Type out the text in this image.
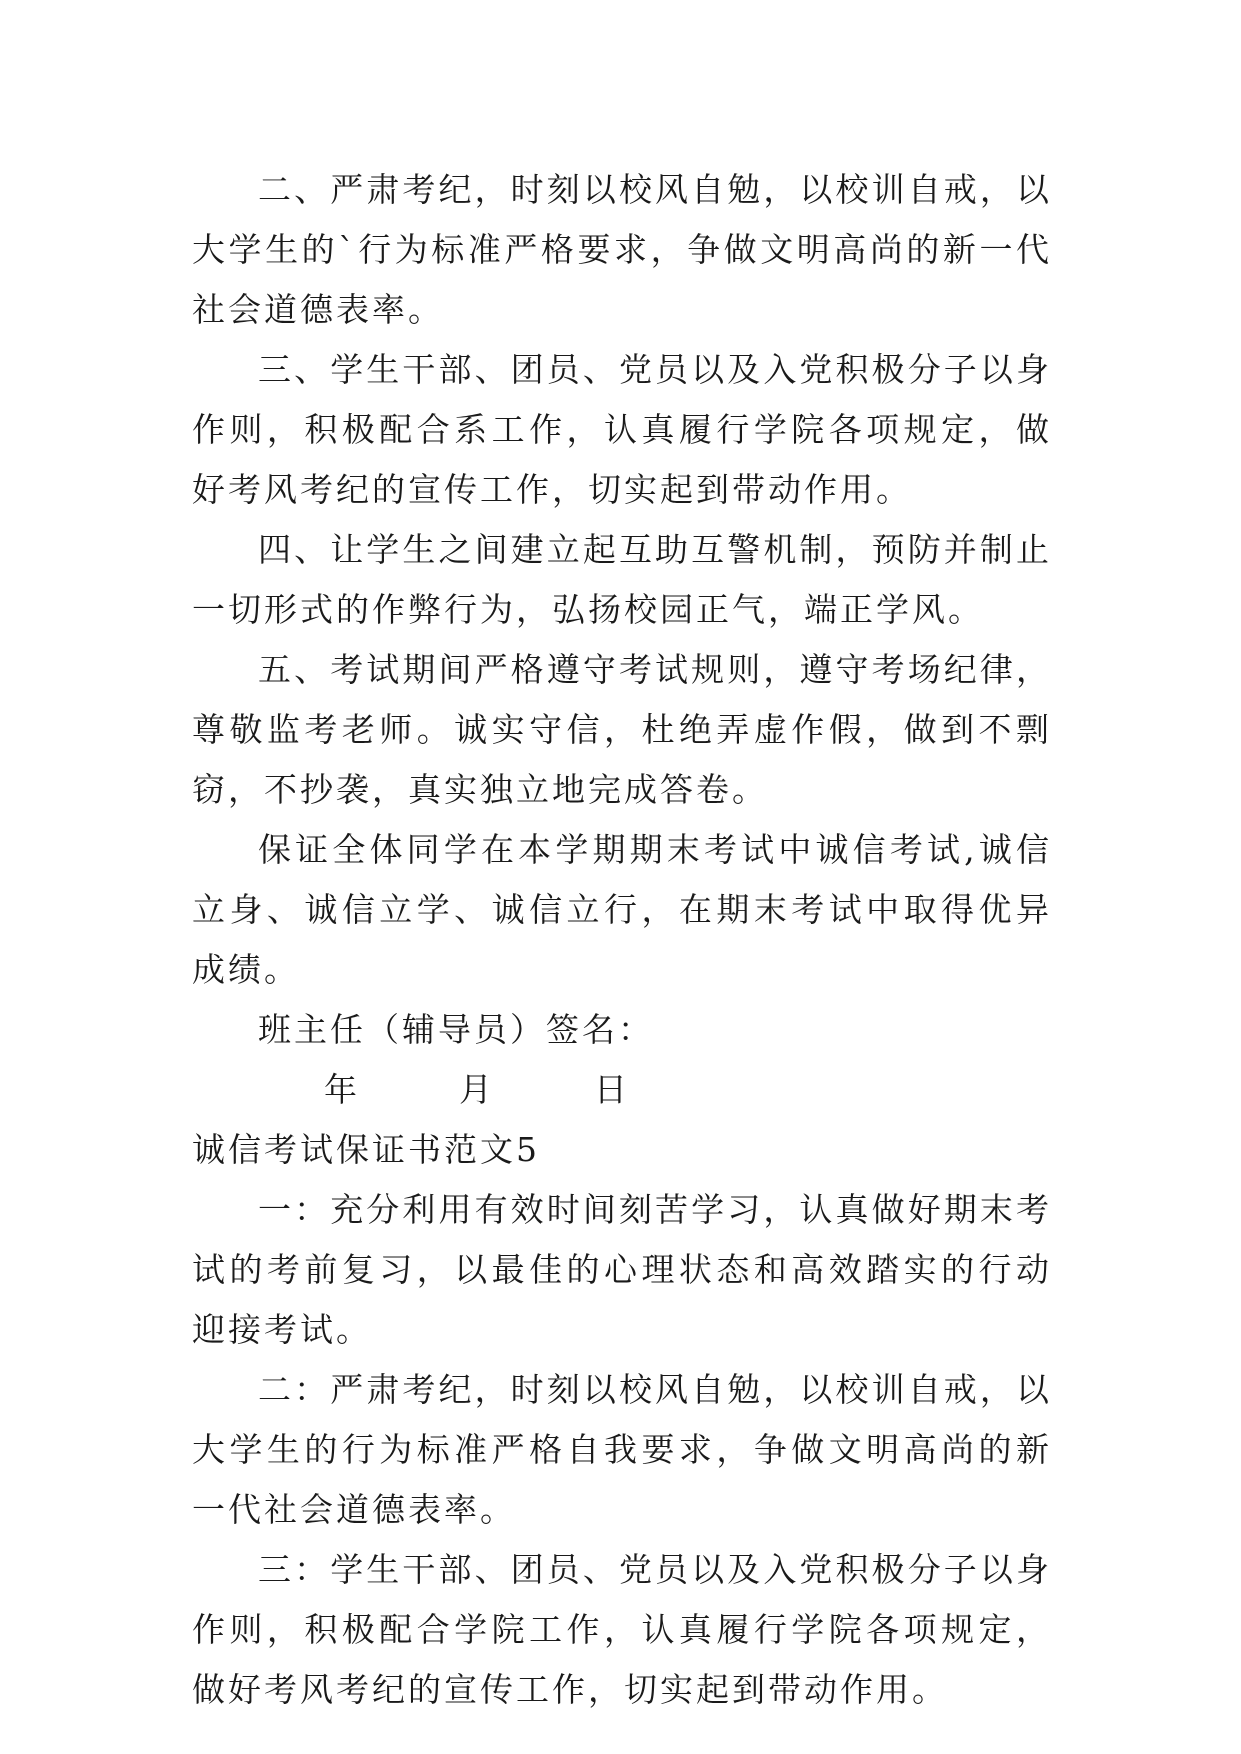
二、严肃考纪，时刻以校风自勉，以校训自戒，以大学生的`行为标准严格要求，争做文明高尚的新一代社会道德表率。

三、学生干部、团员、党员以及入党积极分子以身作则，积极配合系工作，认真履行学院各项规定，做好考风考纪的宣传工作，切实起到带动作用。

四、让学生之间建立起互助互警机制，预防并制止一切形式的作弊行为，弘扬校园正气，端正学风。

五、考试期间严格遵守考试规则，遵守考场纪律，尊敬监考老师。诚实守信，杜绝弄虚作假，做到不剽窃，不抄袭，真实独立地完成答卷。

保证全体同学在本学期期末考试中诚信考试,诚信立身、诚信立学、诚信立行，在期末考试中取得优异成绩。

班主任（辅导员）签名：

年	月	日

诚信考试保证书范文5

一：充分利用有效时间刻苦学习，认真做好期末考试的考前复习，以最佳的心理状态和高效踏实的行动迎接考试。

二：严肃考纪，时刻以校风自勉，以校训自戒，以大学生的行为标准严格自我要求，争做文明高尚的新一代社会道德表率。

三：学生干部、团员、党员以及入党积极分子以身作则，积极配合学院工作，认真履行学院各项规定，做好考风考纪的宣传工作，切实起到带动作用。
